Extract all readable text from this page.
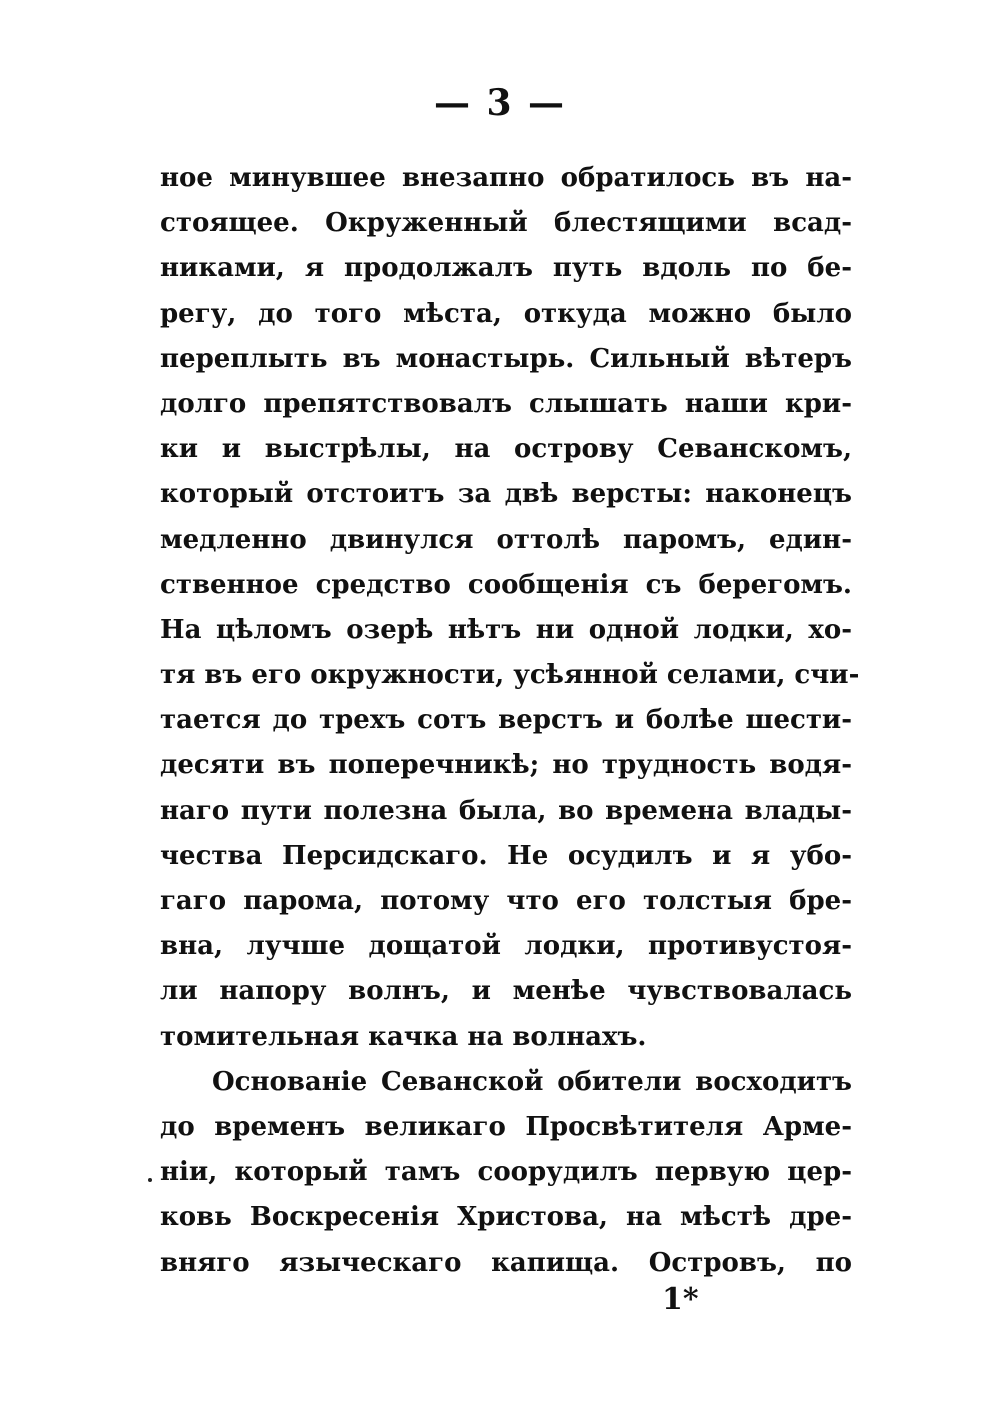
— 3 —
ное минувшее внезапно обратилось въ на-
стоящее. Окруженный блестящими всад-
никами, я продолжалъ путь вдоль по бе-
регу, до того мѣста, откуда можно было
переплыть въ монастырь. Сильный вѣтеръ
долго препятствовалъ слышать наши кри-
ки и выстрѣлы, на острову Севанскомъ,
который отстоитъ за двѣ версты: наконецъ
медленно двинулся оттолѣ паромъ, един-
ственное средство сообщенія съ берегомъ.
На цѣломъ озерѣ нѣтъ ни одной лодки, хо-
тя въ его окружности, усѣянной селами, счи-
тается до трехъ сотъ верстъ и болѣе шести-
десяти въ поперечникѣ; но трудность водя-
наго пути полезна была, во времена влады-
чества Персидскаго. Не осудилъ и я убо-
гаго парома, потому что его толстыя бре-
вна, лучше дощатой лодки, противустоя-
ли напору волнъ, и менѣе чувствовалась
томительная качка на волнахъ.
Основаніе Севанской обители восходитъ
до временъ великаго Просвѣтителя Арме-
ніи, который тамъ соорудилъ первую цер-
ковь Воскресенія Христова, на мѣстѣ дре-
вняго языческаго капища. Островъ, по
1*
